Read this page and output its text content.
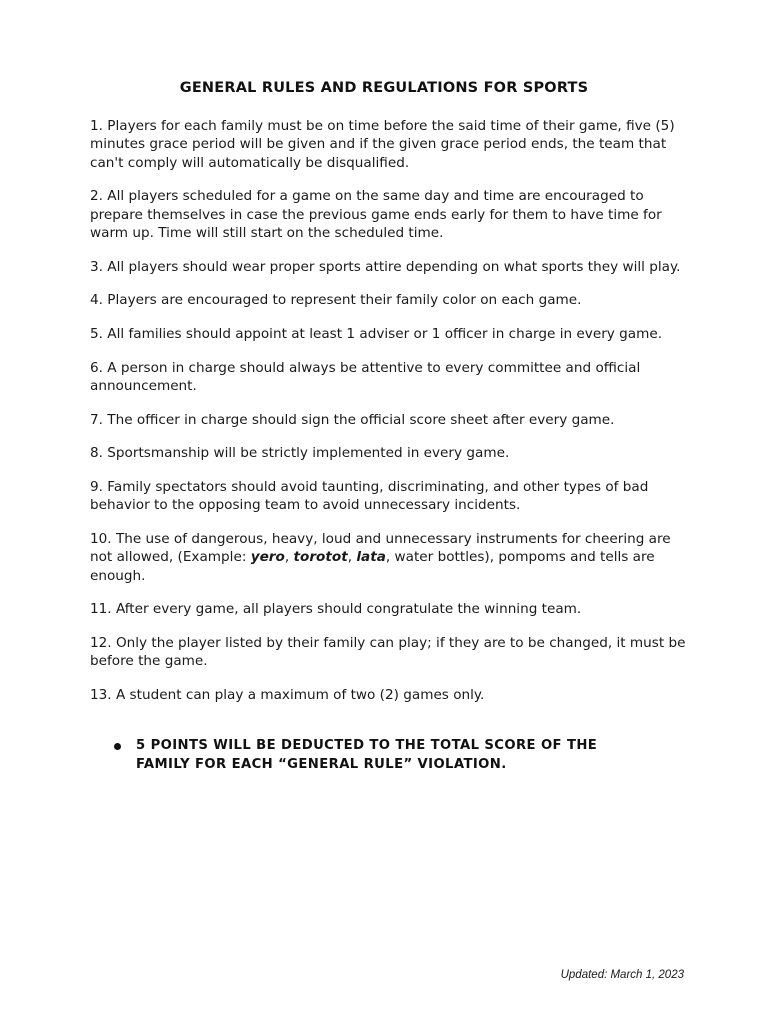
GENERAL RULES AND REGULATIONS FOR SPORTS

1. Players for each family must be on time before the said time of their game, five (5) minutes grace period will be given and if the given grace period ends, the team that can't comply will automatically be disqualified.

2. All players scheduled for a game on the same day and time are encouraged to prepare themselves in case the previous game ends early for them to have time for warm up. Time will still start on the scheduled time.

3. All players should wear proper sports attire depending on what sports they will play.

4. Players are encouraged to represent their family color on each game.

5. All families should appoint at least 1 adviser or 1 officer in charge in every game.

6. A person in charge should always be attentive to every committee and official announcement.

7. The officer in charge should sign the official score sheet after every game.

8. Sportsmanship will be strictly implemented in every game.

9. Family spectators should avoid taunting, discriminating, and other types of bad behavior to the opposing team to avoid unnecessary incidents.

10. The use of dangerous, heavy, loud and unnecessary instruments for cheering are not allowed, (Example: yero, torotot, lata, water bottles), pompoms and tells are enough.

11. After every game, all players should congratulate the winning team.

12. Only the player listed by their family can play; if they are to be changed, it must be before the game.

13. A student can play a maximum of two (2) games only.

5 POINTS WILL BE DEDUCTED TO THE TOTAL SCORE OF THE FAMILY FOR EACH “GENERAL RULE” VIOLATION.
Updated: March 1, 2023
